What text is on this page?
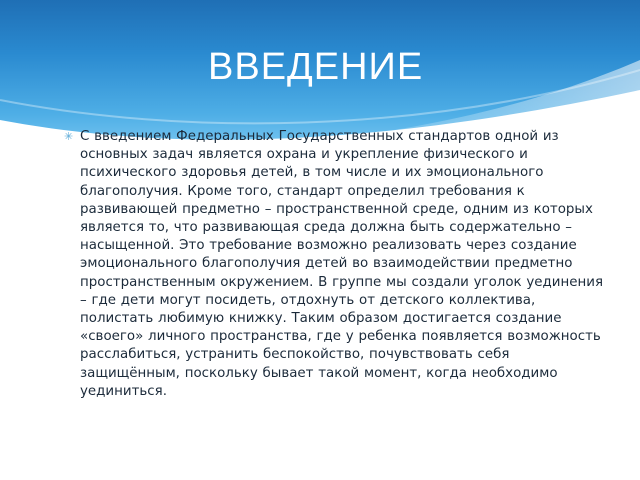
ВВЕДЕНИЕ
✳ С введением Федеральных Государственных стандартов одной из основных задач является охрана и укрепление физического и психического здоровья детей, в том числе и их эмоционального благополучия. Кроме того, стандарт определил требования к развивающей предметно – пространственной среде, одним из которых является то, что развивающая среда должна быть содержательно – насыщенной. Это требование возможно реализовать через создание эмоционального благополучия детей во взаимодействии предметно пространственным окружением. В группе мы создали уголок уединения – где дети могут посидеть, отдохнуть от детского коллектива, полистать любимую книжку. Таким образом достигается создание «своего» личного пространства, где у ребенка появляется возможность расслабиться, устранить беспокойство, почувствовать себя защищённым, поскольку бывает такой момент, когда необходимо уединиться.
